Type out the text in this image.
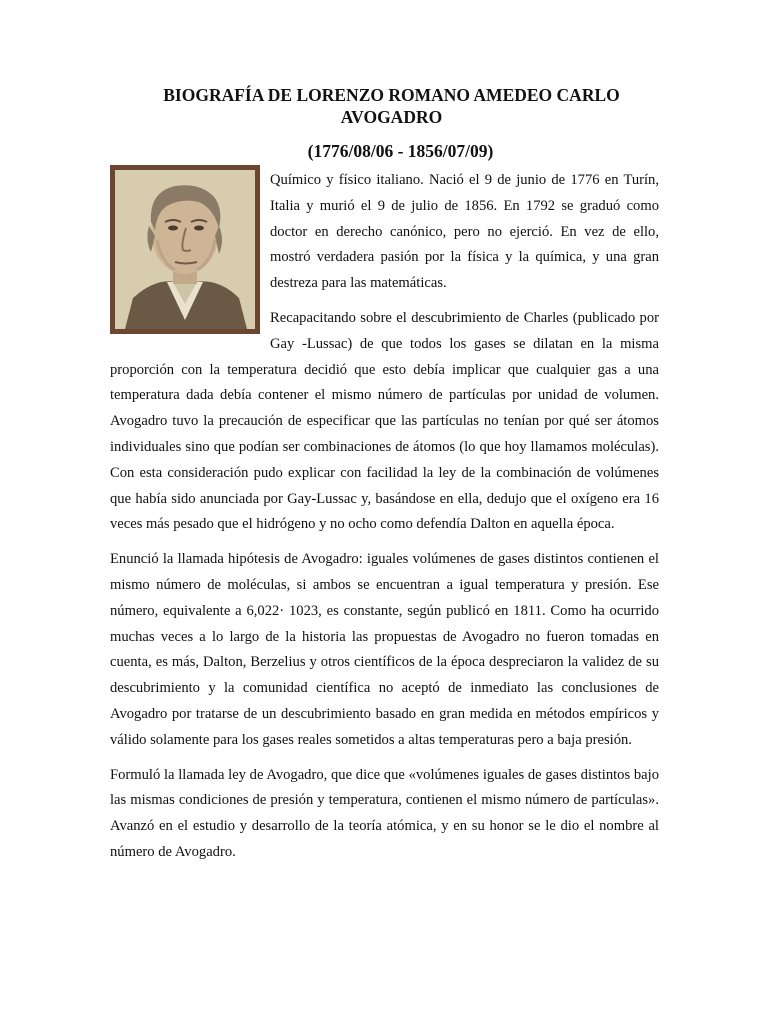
BIOGRAFÍA DE LORENZO ROMANO AMEDEO CARLO AVOGADRO
(1776/08/06 - 1856/07/09)

Químico y físico italiano. Nació el 9 de junio de 1776 en Turín, Italia y murió el 9 de julio de 1856. En 1792 se graduó como doctor en derecho canónico, pero no ejerció. En vez de ello, mostró verdadera pasión por la física y la química, y una gran destreza para las matemáticas.

Recapacitando sobre el descubrimiento de Charles (publicado por Gay -Lussac) de que todos los gases se dilatan en la misma proporción con la temperatura decidió que esto debía implicar que cualquier gas a una temperatura dada debía contener el mismo número de partículas por unidad de volumen. Avogadro tuvo la precaución de especificar que las partículas no tenían por qué ser átomos individuales sino que podían ser combinaciones de átomos (lo que hoy llamamos moléculas). Con esta consideración pudo explicar con facilidad la ley de la combinación de volúmenes que había sido anunciada por Gay-Lussac y, basándose en ella, dedujo que el oxígeno era 16 veces más pesado que el hidrógeno y no ocho como defendía Dalton en aquella época.

Enunció la llamada hipótesis de Avogadro: iguales volúmenes de gases distintos contienen el mismo número de moléculas, si ambos se encuentran a igual temperatura y presión. Ese número, equivalente a 6,022· 1023, es constante, según publicó en 1811. Como ha ocurrido muchas veces a lo largo de la historia las propuestas de Avogadro no fueron tomadas en cuenta, es más, Dalton, Berzelius y otros científicos de la época despreciaron la validez de su descubrimiento y la comunidad científica no aceptó de inmediato las conclusiones de Avogadro por tratarse de un descubrimiento basado en gran medida en métodos empíricos y válido solamente para los gases reales sometidos a altas temperaturas pero a baja presión.

Formuló la llamada ley de Avogadro, que dice que «volúmenes iguales de gases distintos bajo las mismas condiciones de presión y temperatura, contienen el mismo número de partículas». Avanzó en el estudio y desarrollo de la teoría atómica, y en su honor se le dio el nombre al número de Avogadro.
